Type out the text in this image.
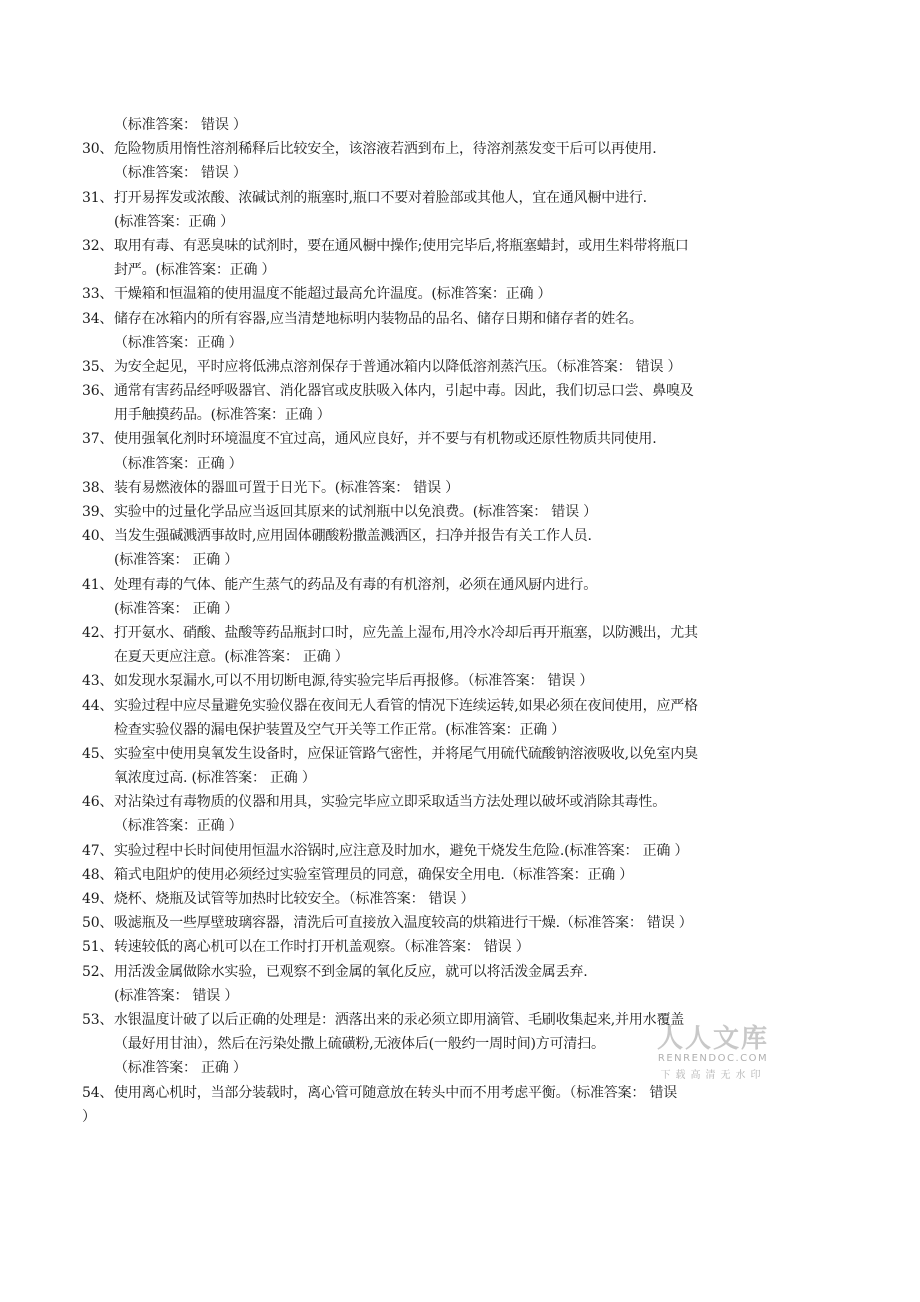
（标准答案： 错误 ）
30、 危险物质用惰性溶剂稀释后比较安全，该溶液若洒到布上，待溶剂蒸发变干后可以再使用.
（标准答案： 错误 ）
31、 打开易挥发或浓酸、浓碱试剂的瓶塞时,瓶口不要对着脸部或其他人，宜在通风橱中进行.
(标准答案：正确 ）
32、 取用有毒、有恶臭味的试剂时，要在通风橱中操作;使用完毕后,将瓶塞蜡封，或用生料带将瓶口
封严。(标准答案：正确 ）
33、 干燥箱和恒温箱的使用温度不能超过最高允许温度。(标准答案：正确 ）
34、 储存在冰箱内的所有容器,应当清楚地标明内装物品的品名、储存日期和储存者的姓名。
（标准答案：正确 ）
35、 为安全起见，平时应将低沸点溶剂保存于普通冰箱内以降低溶剂蒸汽压。（标准答案： 错误 ）
36、 通常有害药品经呼吸器官、消化器官或皮肤吸入体内，引起中毒。因此，我们切忌口尝、鼻嗅及
用手触摸药品。(标准答案：正确 ）
37、 使用强氧化剂时环境温度不宜过高，通风应良好，并不要与有机物或还原性物质共同使用.
（标准答案：正确 ）
38、 装有易燃液体的器皿可置于日光下。(标准答案： 错误 ）
39、 实验中的过量化学品应当返回其原来的试剂瓶中以免浪费。(标准答案： 错误 ）
40、 当发生强碱溅洒事故时,应用固体硼酸粉撒盖溅洒区，扫净并报告有关工作人员.
(标准答案： 正确 ）
41、 处理有毒的气体、能产生蒸气的药品及有毒的有机溶剂，必须在通风厨内进行。
(标准答案： 正确 ）
42、 打开氨水、硝酸、盐酸等药品瓶封口时，应先盖上湿布,用冷水冷却后再开瓶塞，以防溅出，尤其
在夏天更应注意。(标准答案： 正确 ）
43、 如发现水泵漏水,可以不用切断电源,待实验完毕后再报修。（标准答案： 错误 ）
44、 实验过程中应尽量避免实验仪器在夜间无人看管的情况下连续运转,如果必须在夜间使用，应严格
检查实验仪器的漏电保护装置及空气开关等工作正常。(标准答案：正确 ）
45、 实验室中使用臭氧发生设备时，应保证管路气密性，并将尾气用硫代硫酸钠溶液吸收,以免室内臭
氧浓度过高. (标准答案： 正确 ）
46、 对沾染过有毒物质的仪器和用具，实验完毕应立即采取适当方法处理以破坏或消除其毒性。
（标准答案：正确 ）
47、 实验过程中长时间使用恒温水浴锅时,应注意及时加水，避免干烧发生危险.(标准答案： 正确 ）
48、 箱式电阻炉的使用必须经过实验室管理员的同意，确保安全用电.（标准答案：正确 ）
49、 烧杯、烧瓶及试管等加热时比较安全。（标准答案： 错误 ）
50、 吸滤瓶及一些厚壁玻璃容器，清洗后可直接放入温度较高的烘箱进行干燥.（标准答案： 错误 ）
51、 转速较低的离心机可以在工作时打开机盖观察。（标准答案： 错误 ）
52、 用活泼金属做除水实验，已观察不到金属的氧化反应，就可以将活泼金属丢弃.
(标准答案： 错误 ）
53、 水银温度计破了以后正确的处理是：洒落出来的汞必须立即用滴管、毛刷收集起来,并用水覆盖
（最好用甘油），然后在污染处撒上硫磺粉,无液体后(一般约一周时间)方可清扫。
（标准答案： 正确 ）
54、 使用离心机时，当部分装载时，离心管可随意放在转头中而不用考虑平衡。（标准答案： 错误
）
人人文库
RENRENDOC.COM
下载高清无水印
